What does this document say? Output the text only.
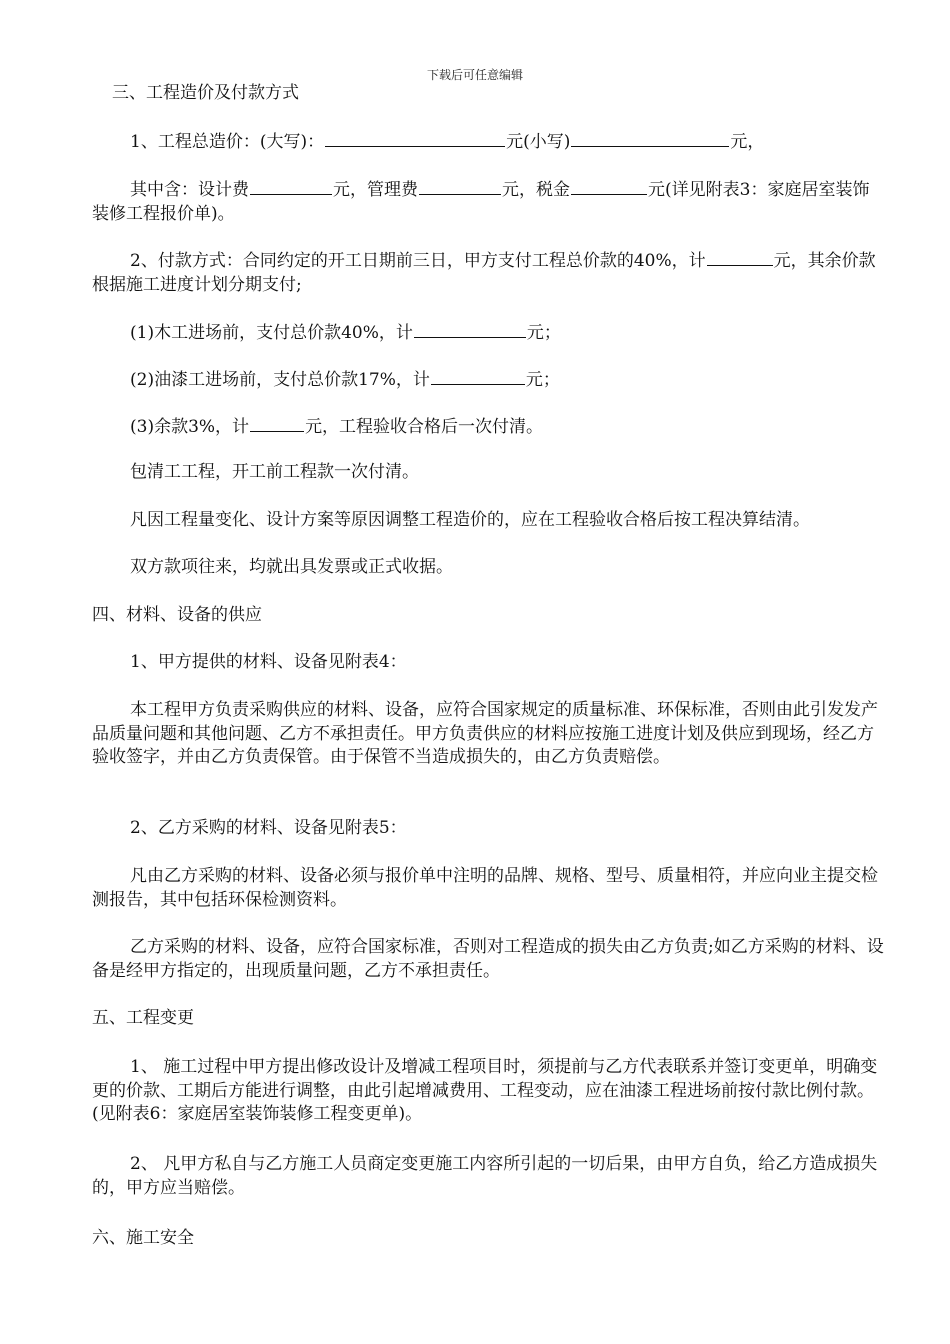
下载后可任意编辑
三、工程造价及付款方式
1、工程总造价：(大写)：	元(小写)	元，
其中含：设计费	元，管理费	元，税金	元(详见附表3：家庭居室装饰装修工程报价单)。
2、付款方式：合同约定的开工日期前三日，甲方支付工程总价款的40%，计	元，其余价款根据施工进度计划分期支付;
(1)木工进场前，支付总价款40%，计	元；
(2)油漆工进场前，支付总价款17%，计	元；
(3)余款3%，计	元，工程验收合格后一次付清。
包清工工程，开工前工程款一次付清。
凡因工程量变化、设计方案等原因调整工程造价的，应在工程验收合格后按工程决算结清。
双方款项往来，均就出具发票或正式收据。
四、材料、设备的供应
1、甲方提供的材料、设备见附表4：
本工程甲方负责采购供应的材料、设备，应符合国家规定的质量标准、环保标准，否则由此引发发产品质量问题和其他问题、乙方不承担责任。甲方负责供应的材料应按施工进度计划及供应到现场，经乙方验收签字，并由乙方负责保管。由于保管不当造成损失的，由乙方负责赔偿。
2、乙方采购的材料、设备见附表5：
凡由乙方采购的材料、设备必须与报价单中注明的品牌、规格、型号、质量相符，并应向业主提交检测报告，其中包括环保检测资料。
乙方采购的材料、设备，应符合国家标准，否则对工程造成的损失由乙方负责;如乙方采购的材料、设备是经甲方指定的，出现质量问题，乙方不承担责任。
五、工程变更
1、 施工过程中甲方提出修改设计及增减工程项目时，须提前与乙方代表联系并签订变更单，明确变更的价款、工期后方能进行调整，由此引起增减费用、工程变动，应在油漆工程进场前按付款比例付款。(见附表6：家庭居室装饰装修工程变更单)。
2、 凡甲方私自与乙方施工人员商定变更施工内容所引起的一切后果，由甲方自负，给乙方造成损失的，甲方应当赔偿。
六、施工安全
